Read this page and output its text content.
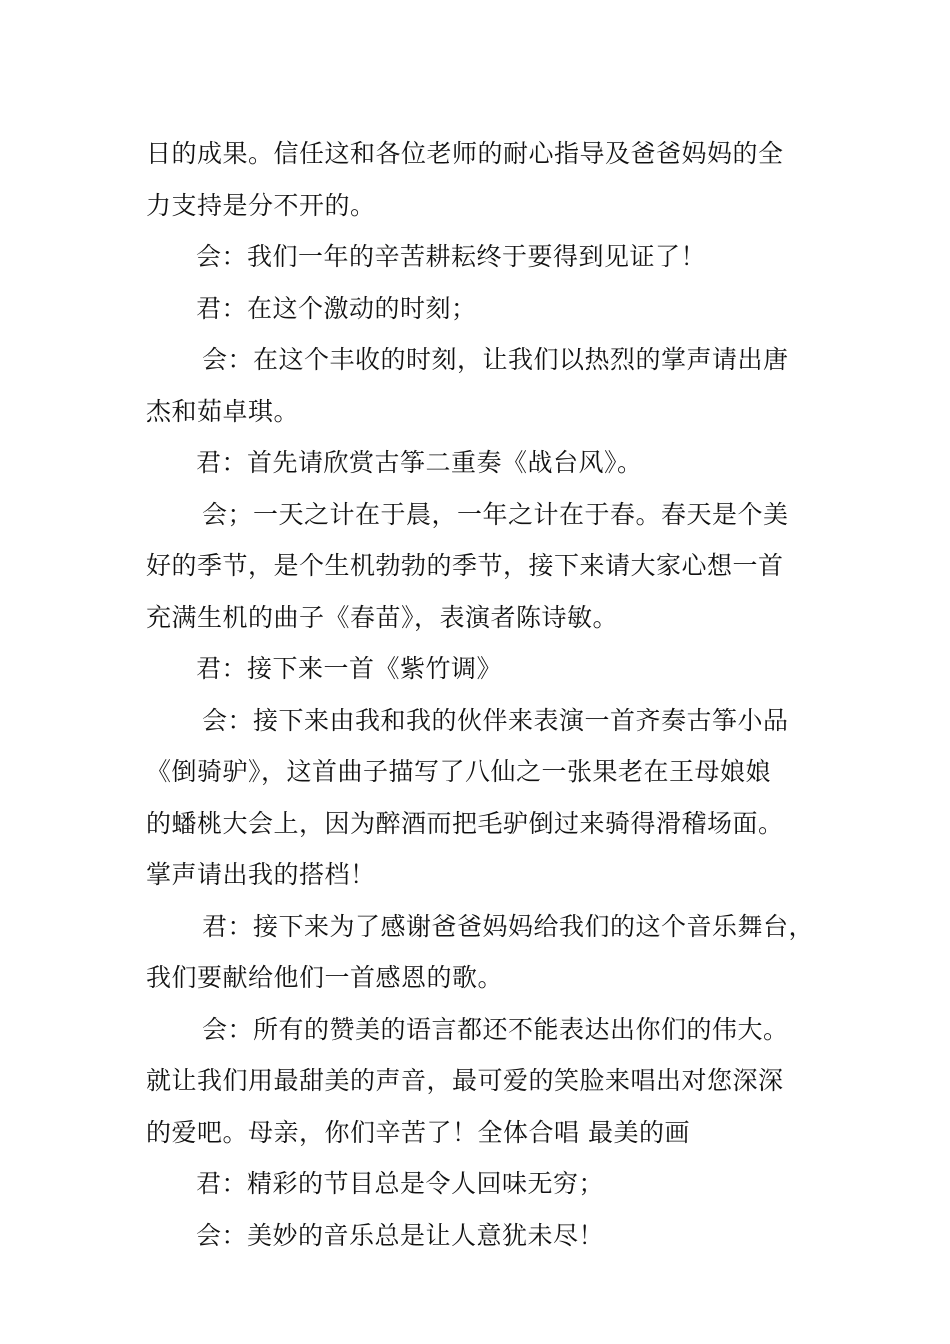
日的成果。信任这和各位老师的耐心指导及爸爸妈妈的全
力支持是分不开的。
会：我们一年的辛苦耕耘终于要得到见证了！
君：在这个激动的时刻；
会：在这个丰收的时刻，让我们以热烈的掌声请出唐
杰和茹卓琪。
君：首先请欣赏古筝二重奏《战台风》。
会；一天之计在于晨，一年之计在于春。春天是个美
好的季节，是个生机勃勃的季节，接下来请大家心想一首
充满生机的曲子《春苗》，表演者陈诗敏。
君：接下来一首《紫竹调》
会：接下来由我和我的伙伴来表演一首齐奏古筝小品
《倒骑驴》，这首曲子描写了八仙之一张果老在王母娘娘
的蟠桃大会上，因为醉酒而把毛驴倒过来骑得滑稽场面。
掌声请出我的搭档！
君：接下来为了感谢爸爸妈妈给我们的这个音乐舞台，
我们要献给他们一首感恩的歌。
会：所有的赞美的语言都还不能表达出你们的伟大。
就让我们用最甜美的声音，最可爱的笑脸来唱出对您深深
的爱吧。母亲，你们辛苦了！全体合唱 最美的画
君：精彩的节目总是令人回味无穷；
会：美妙的音乐总是让人意犹未尽！
